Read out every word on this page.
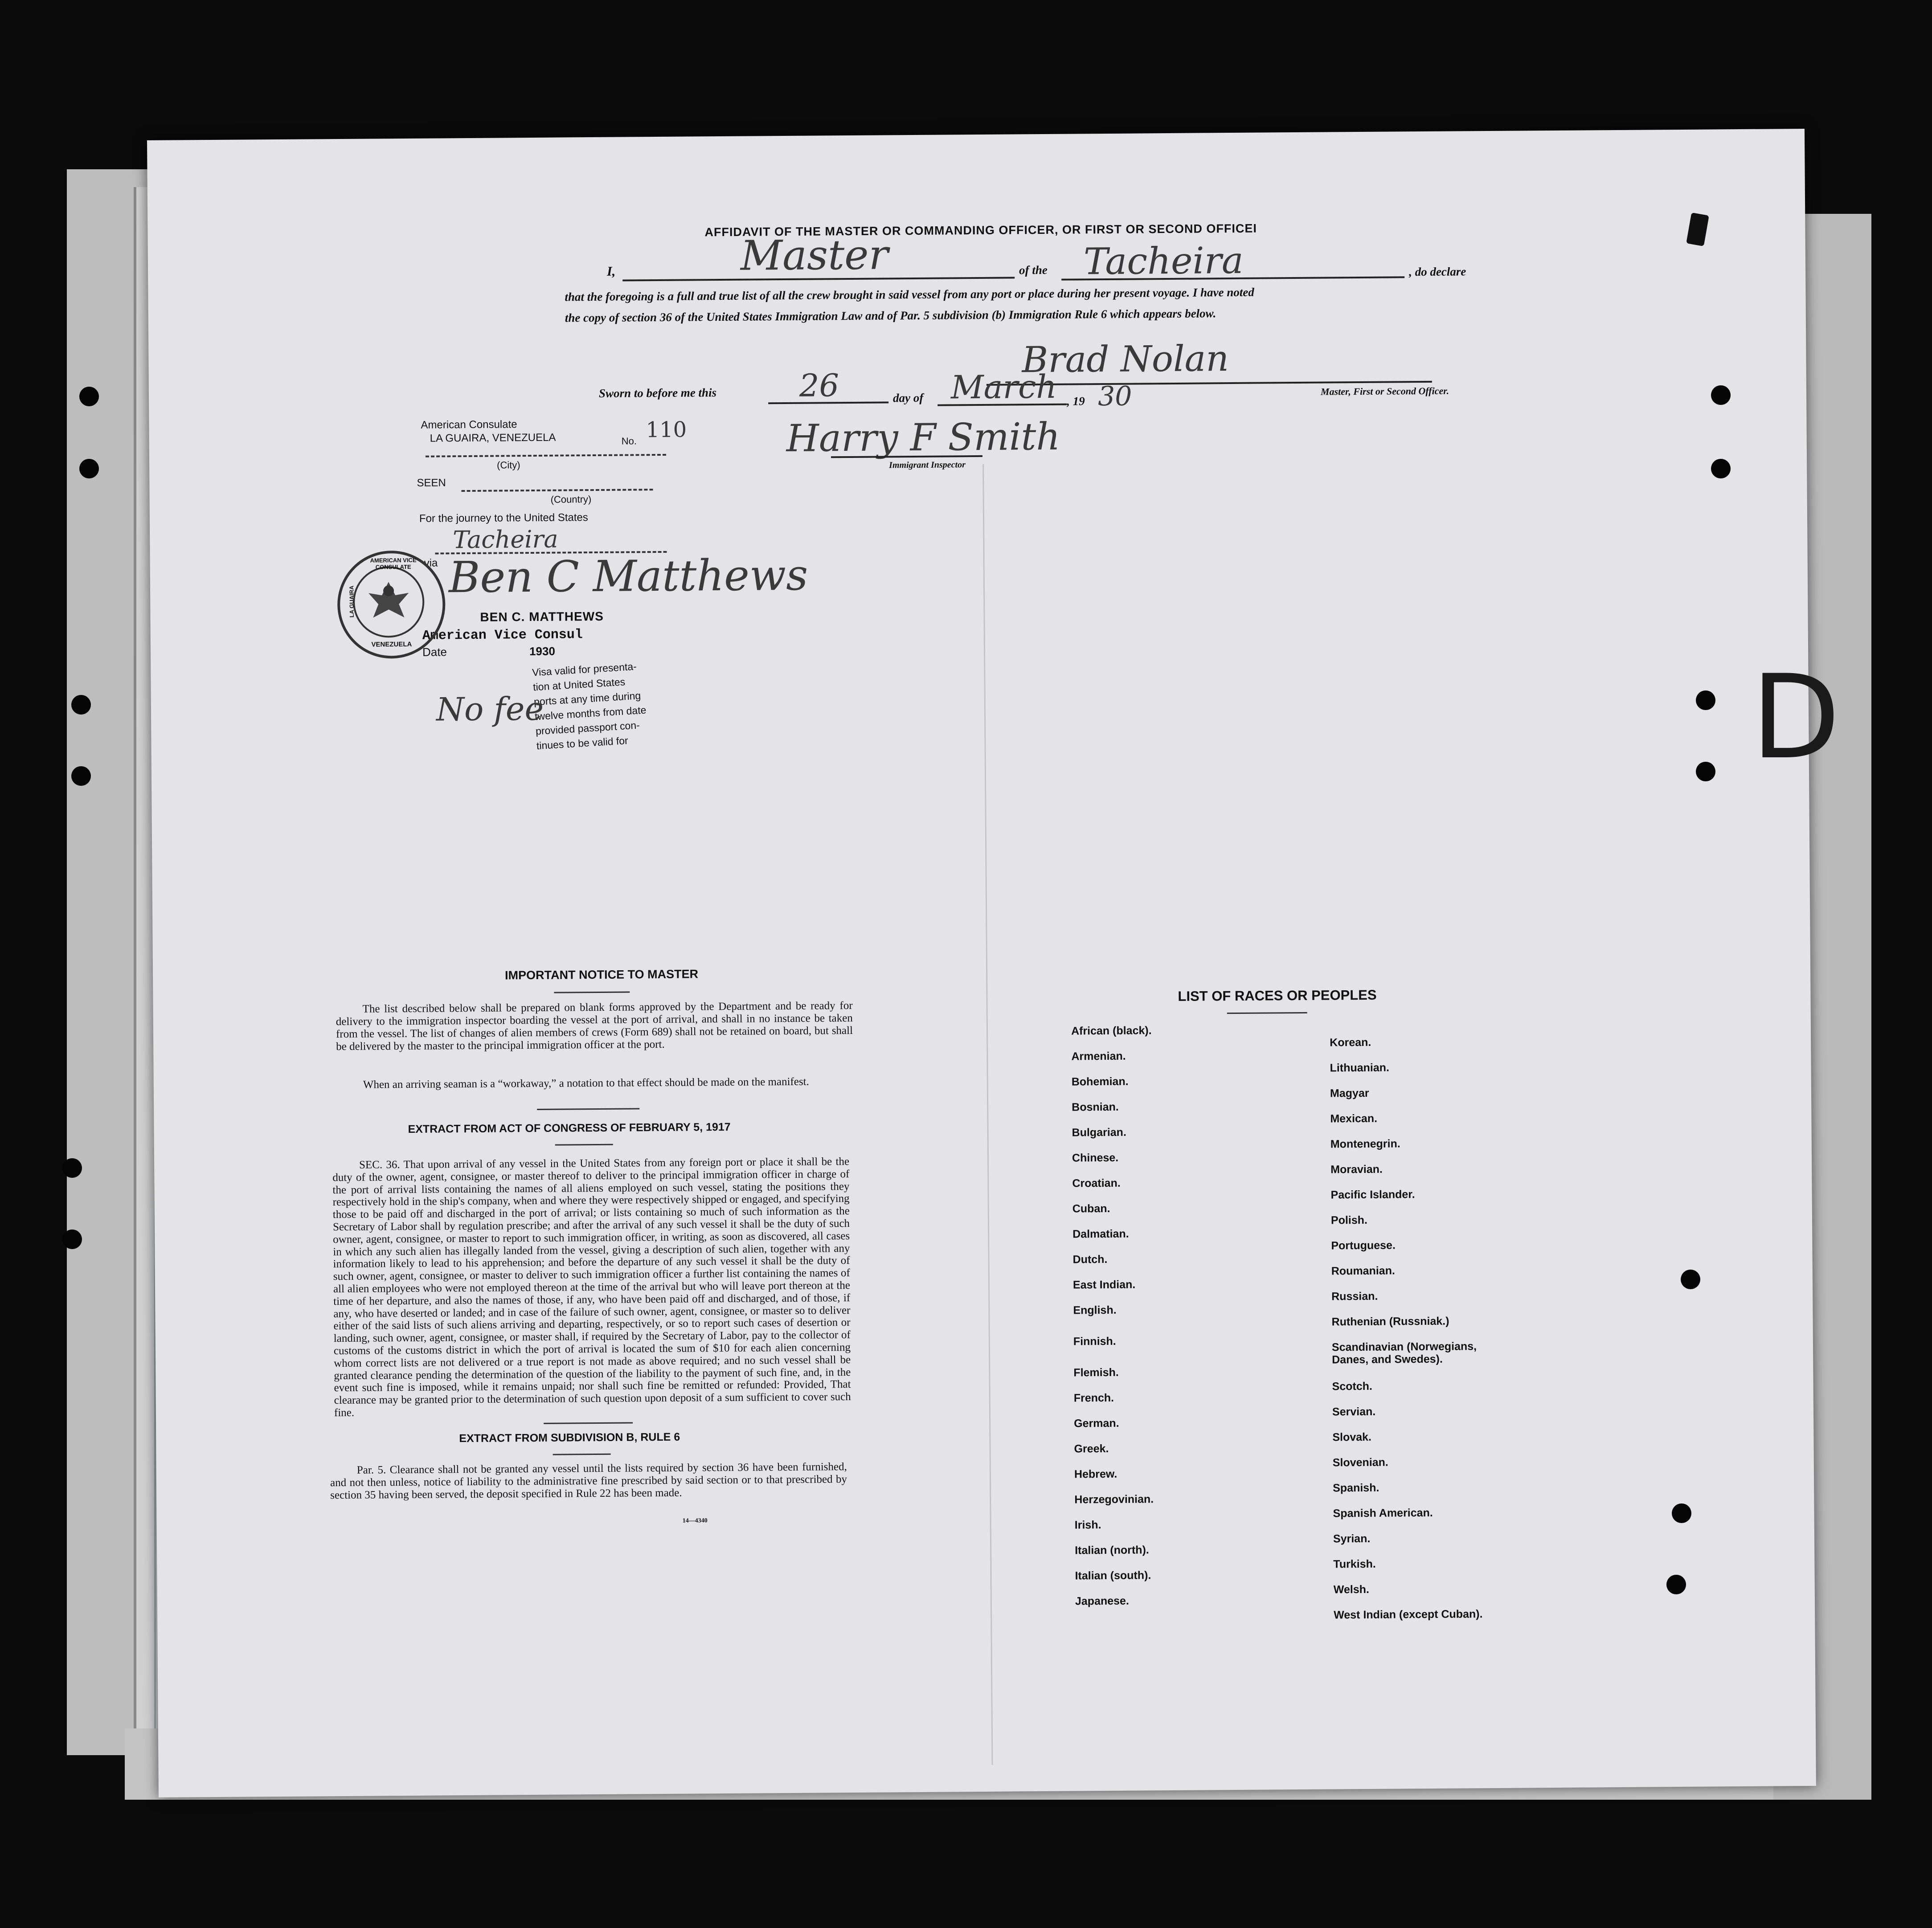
AFFIDAVIT OF THE MASTER OR COMMANDING OFFICER, OR FIRST OR SECOND OFFICEI
I,	Master	of the Tacheira	, do declare
that the foregoing is a full and true list of all the crew brought in said vessel from any port or place during her present voyage. I have noted
the copy of section 36 of the United States Immigration Law and of Par. 5 subdivision (b) Immigration Rule 6 which appears below.
Brad Nolan
Master, First or Second Officer.
Sworn to before me this	26	day of March , 19 30
Harry F Smith
Immigrant Inspector
American Consulate
LA GUAIRA, VENEZUELA	No. 110
(City)
SEEN
(Country)
For the journey to the United States
Tacheira
via Ben C Matthews
BEN C. MATTHEWS
American Vice Consul
Date	1930
Visa valid for presenta-
tion at United States
ports at any time during
twelve months from date
provided passport con-
tinues to be valid for
No fee
AMERICAN VICE CONSULATE
LA GUAIRA
VENEZUELA
IMPORTANT NOTICE TO MASTER
The list described below shall be prepared on blank forms approved by the Department and be ready for delivery to the immigration inspector boarding the vessel at the port of arrival, and shall in no instance be taken from the vessel. The list of changes of alien members of crews (Form 689) shall not be retained on board, but shall be delivered by the master to the principal immigration officer at the port.
When an arriving seaman is a “workaway,” a notation to that effect should be made on the manifest.
EXTRACT FROM ACT OF CONGRESS OF FEBRUARY 5, 1917
SEC. 36. That upon arrival of any vessel in the United States from any foreign port or place it shall be the duty of the owner, agent, consignee, or master thereof to deliver to the principal immigration officer in charge of the port of arrival lists containing the names of all aliens employed on such vessel, stating the positions they respectively hold in the ship's company, when and where they were respectively shipped or engaged, and specifying those to be paid off and discharged in the port of arrival; or lists containing so much of such information as the Secretary of Labor shall by regulation prescribe; and after the arrival of any such vessel it shall be the duty of such owner, agent, consignee, or master to report to such immigration officer, in writing, as soon as discovered, all cases in which any such alien has illegally landed from the vessel, giving a description of such alien, together with any information likely to lead to his apprehension; and before the departure of any such vessel it shall be the duty of such owner, agent, consignee, or master to deliver to such immigration officer a further list containing the names of all alien employees who were not employed thereon at the time of the arrival but who will leave port thereon at the time of her departure, and also the names of those, if any, who have been paid off and discharged, and of those, if any, who have deserted or landed; and in case of the failure of such owner, agent, consignee, or master so to deliver either of the said lists of such aliens arriving and departing, respectively, or so to report such cases of desertion or landing, such owner, agent, consignee, or master shall, if required by the Secretary of Labor, pay to the collector of customs of the customs district in which the port of arrival is located the sum of $10 for each alien concerning whom correct lists are not delivered or a true report is not made as above required; and no such vessel shall be granted clearance pending the determination of the question of the liability to the payment of such fine, and, in the event such fine is imposed, while it remains unpaid; nor shall such fine be remitted or refunded: Provided, That clearance may be granted prior to the determination of such question upon deposit of a sum sufficient to cover such fine.
EXTRACT FROM SUBDIVISION B, RULE 6
Par. 5. Clearance shall not be granted any vessel until the lists required by section 36 have been furnished, and not then unless, notice of liability to the administrative fine prescribed by said section or to that prescribed by section 35 having been served, the deposit specified in Rule 22 has been made.
14—4340
LIST OF RACES OR PEOPLES
African (black).
Armenian.
Bohemian.
Bosnian.
Bulgarian.
Chinese.
Croatian.
Cuban.
Dalmatian.
Dutch.
East Indian.
English.
Finnish.
Flemish.
French.
German.
Greek.
Hebrew.
Herzegovinian.
Irish.
Italian (north).
Italian (south).
Japanese.
Korean.
Lithuanian.
Magyar
Mexican.
Montenegrin.
Moravian.
Pacific Islander.
Polish.
Portuguese.
Roumanian.
Russian.
Ruthenian (Russniak.)
Scandinavian (Norwegians, Danes, and Swedes).
Scotch.
Servian.
Slovak.
Slovenian.
Spanish.
Spanish American.
Syrian.
Turkish.
Welsh.
West Indian (except Cuban).
D
